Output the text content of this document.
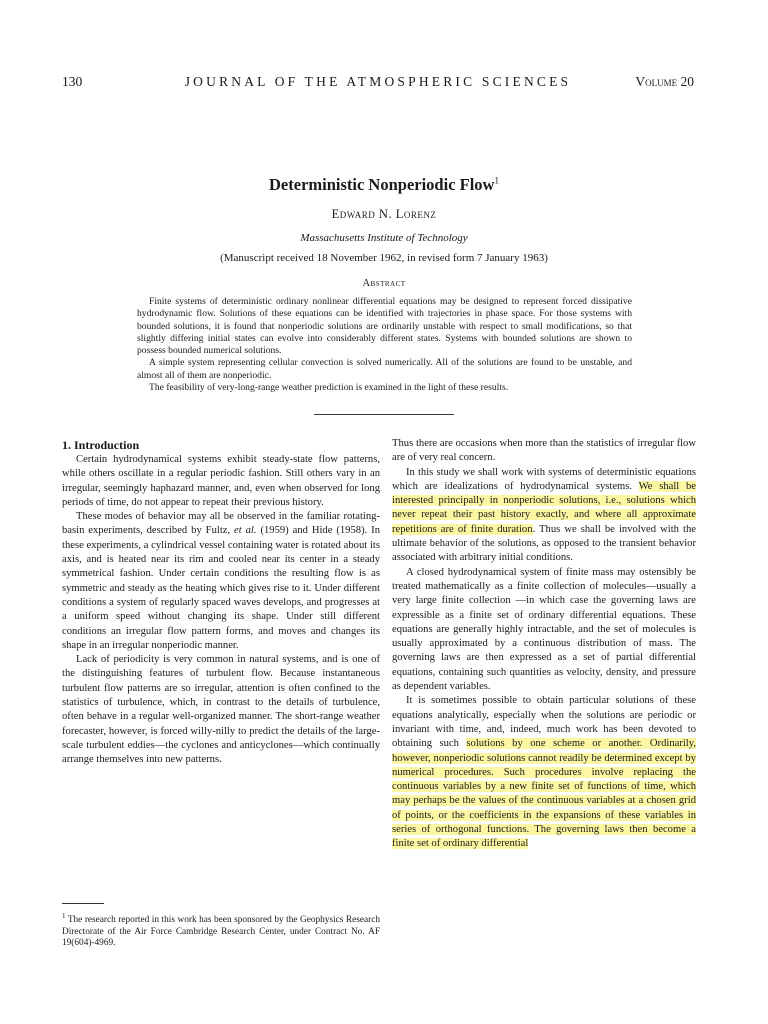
130	JOURNAL OF THE ATMOSPHERIC SCIENCES	Volume 20
Deterministic Nonperiodic Flow$^1$
Edward N. Lorenz
Massachusetts Institute of Technology
(Manuscript received 18 November 1962, in revised form 7 January 1963)
Abstract

Finite systems of deterministic ordinary nonlinear differential equations may be designed to represent forced dissipative hydrodynamic flow. Solutions of these equations can be identified with trajectories in phase space. For those systems with bounded solutions, it is found that nonperiodic solutions are ordinarily unstable with respect to small modifications, so that slightly differing initial states can evolve into considerably different states. Systems with bounded solutions are shown to possess bounded numerical solutions.

A simple system representing cellular convection is solved numerically. All of the solutions are found to be unstable, and almost all of them are nonperiodic.

The feasibility of very-long-range weather prediction is examined in the light of these results.

1. Introduction

Certain hydrodynamical systems exhibit steady-state flow patterns, while others oscillate in a regular periodic fashion. Still others vary in an irregular, seemingly haphazard manner, and, even when observed for long periods of time, do not appear to repeat their previous history.

These modes of behavior may all be observed in the familiar rotating-basin experiments, described by Fultz, et al. (1959) and Hide (1958). In these experiments, a cylindrical vessel containing water is rotated about its axis, and is heated near its rim and cooled near its center in a steady symmetrical fashion. Under certain conditions the resulting flow is as symmetric and steady as the heating which gives rise to it. Under different conditions a system of regularly spaced waves develops, and progresses at a uniform speed without changing its shape. Under still different conditions an irregular flow pattern forms, and moves and changes its shape in an irregular nonperiodic manner.

Lack of periodicity is very common in natural systems, and is one of the distinguishing features of turbulent flow. Because instantaneous turbulent flow patterns are so irregular, attention is often confined to the statistics of turbulence, which, in contrast to the details of turbulence, often behave in a regular well-organized manner. The short-range weather forecaster, however, is forced willy-nilly to predict the details of the large-scale turbulent eddies—the cyclones and anticyclones—which continually arrange themselves into new patterns.

Thus there are occasions when more than the statistics of irregular flow are of very real concern.

In this study we shall work with systems of deterministic equations which are idealizations of hydrodynamical systems. We shall be interested principally in nonperiodic solutions, i.e., solutions which never repeat their past history exactly, and where all approximate repetitions are of finite duration. Thus we shall be involved with the ultimate behavior of the solutions, as opposed to the transient behavior associated with arbitrary initial conditions.

A closed hydrodynamical system of finite mass may ostensibly be treated mathematically as a finite collection of molecules—usually a very large finite collection —in which case the governing laws are expressible as a finite set of ordinary differential equations. These equations are generally highly intractable, and the set of molecules is usually approximated by a continuous distribution of mass. The governing laws are then expressed as a set of partial differential equations, containing such quantities as velocity, density, and pressure as dependent variables.

It is sometimes possible to obtain particular solutions of these equations analytically, especially when the solutions are periodic or invariant with time, and, indeed, much work has been devoted to obtaining such solutions by one scheme or another. Ordinarily, however, nonperiodic solutions cannot readily be determined except by numerical procedures. Such procedures involve replacing the continuous variables by a new finite set of functions of time, which may perhaps be the values of the continuous variables at a chosen grid of points, or the coefficients in the expansions of these variables in series of orthogonal functions. The governing laws then become a finite set of ordinary differential

$^1$ The research reported in this work has been sponsored by the Geophysics Research Directorate of the Air Force Cambridge Research Center, under Contract No. AF 19(604)-4969.
